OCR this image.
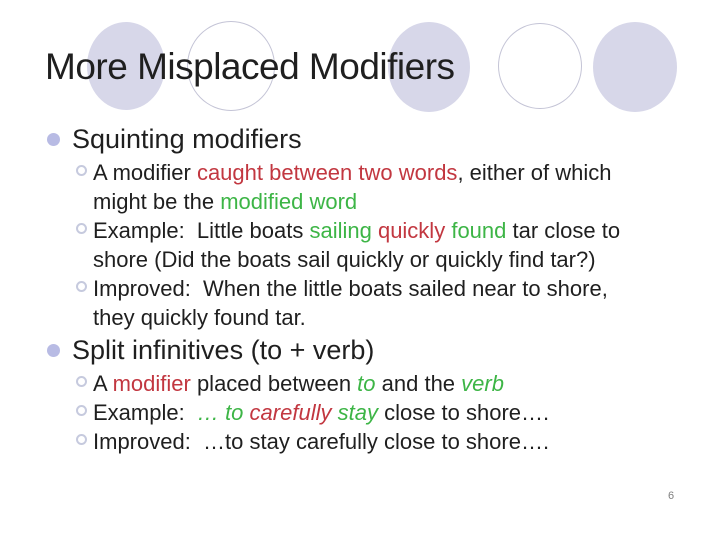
More Misplaced Modifiers
Squinting modifiers
A modifier caught between two words, either of which
might be the modified word
Example:  Little boats sailing quickly found tar close to
shore (Did the boats sail quickly or quickly find tar?)
Improved:  When the little boats sailed near to shore,
they quickly found tar.
Split infinitives (to + verb)
A modifier placed between to and the verb
Example:  … to carefully stay close to shore….
Improved:  …to stay carefully close to shore….
6
